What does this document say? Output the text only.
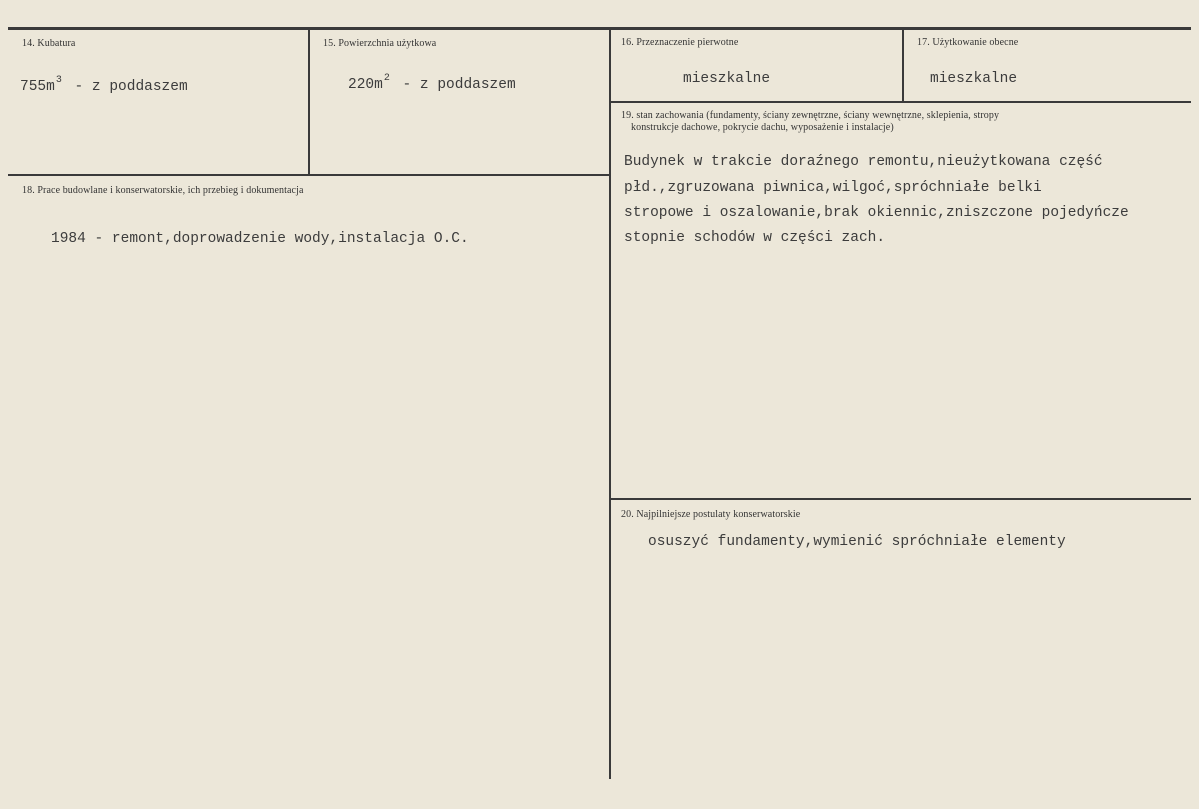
14. Kubatura
$755m^3$ - z poddaszem
15. Powierzchnia użytkowa
$220m^2$ - z poddaszem
16. Przeznaczenie pierwotne
mieszkalne
17. Użytkowanie obecne
mieszkalne
18. Prace budowlane i konserwatorskie, ich przebieg i dokumentacja
1984 - remont,doprowadzenie wody,instalacja O.C.
19. stan zachowania (fundamenty, ściany zewnętrzne, ściany wewnętrzne, sklepienia, stropy
konstrukcje dachowe, pokrycie dachu, wyposażenie i instalacje)
Budynek w trakcie doraźnego remontu,nieużytkowana część
płd.,zgruzowana piwnica,wilgoć,spróchniałe belki
stropowe i oszalowanie,brak okiennic,zniszczone pojedyńcze
stopnie schodów w części zach.
20. Najpilniejsze postulaty konserwatorskie
osuszyć fundamenty,wymienić spróchniałe elementy
